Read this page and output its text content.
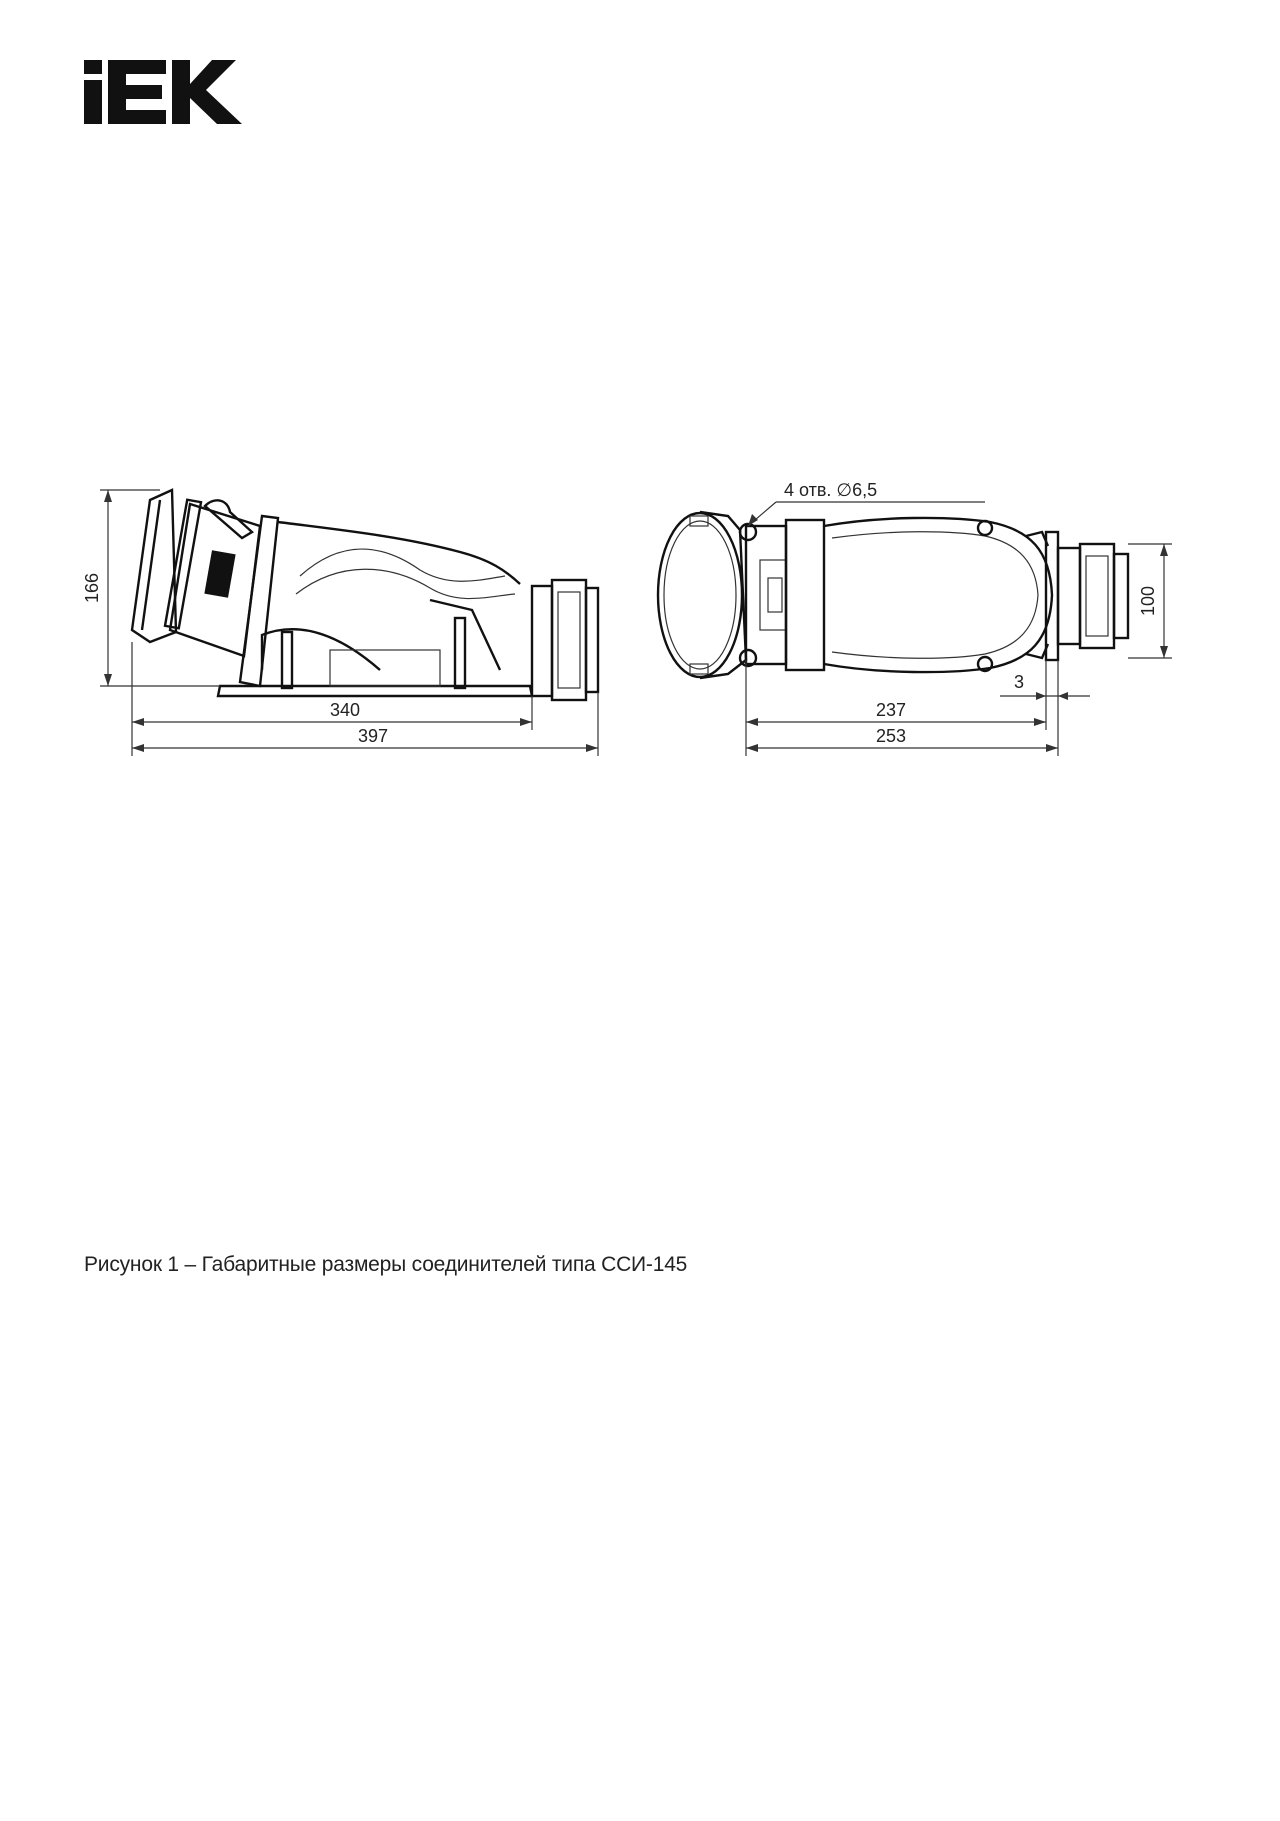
166
340
397
4 отв. ∅6,5
100
3
237
253
Рисунок 1 – Габаритные размеры соединителей типа ССИ-145
